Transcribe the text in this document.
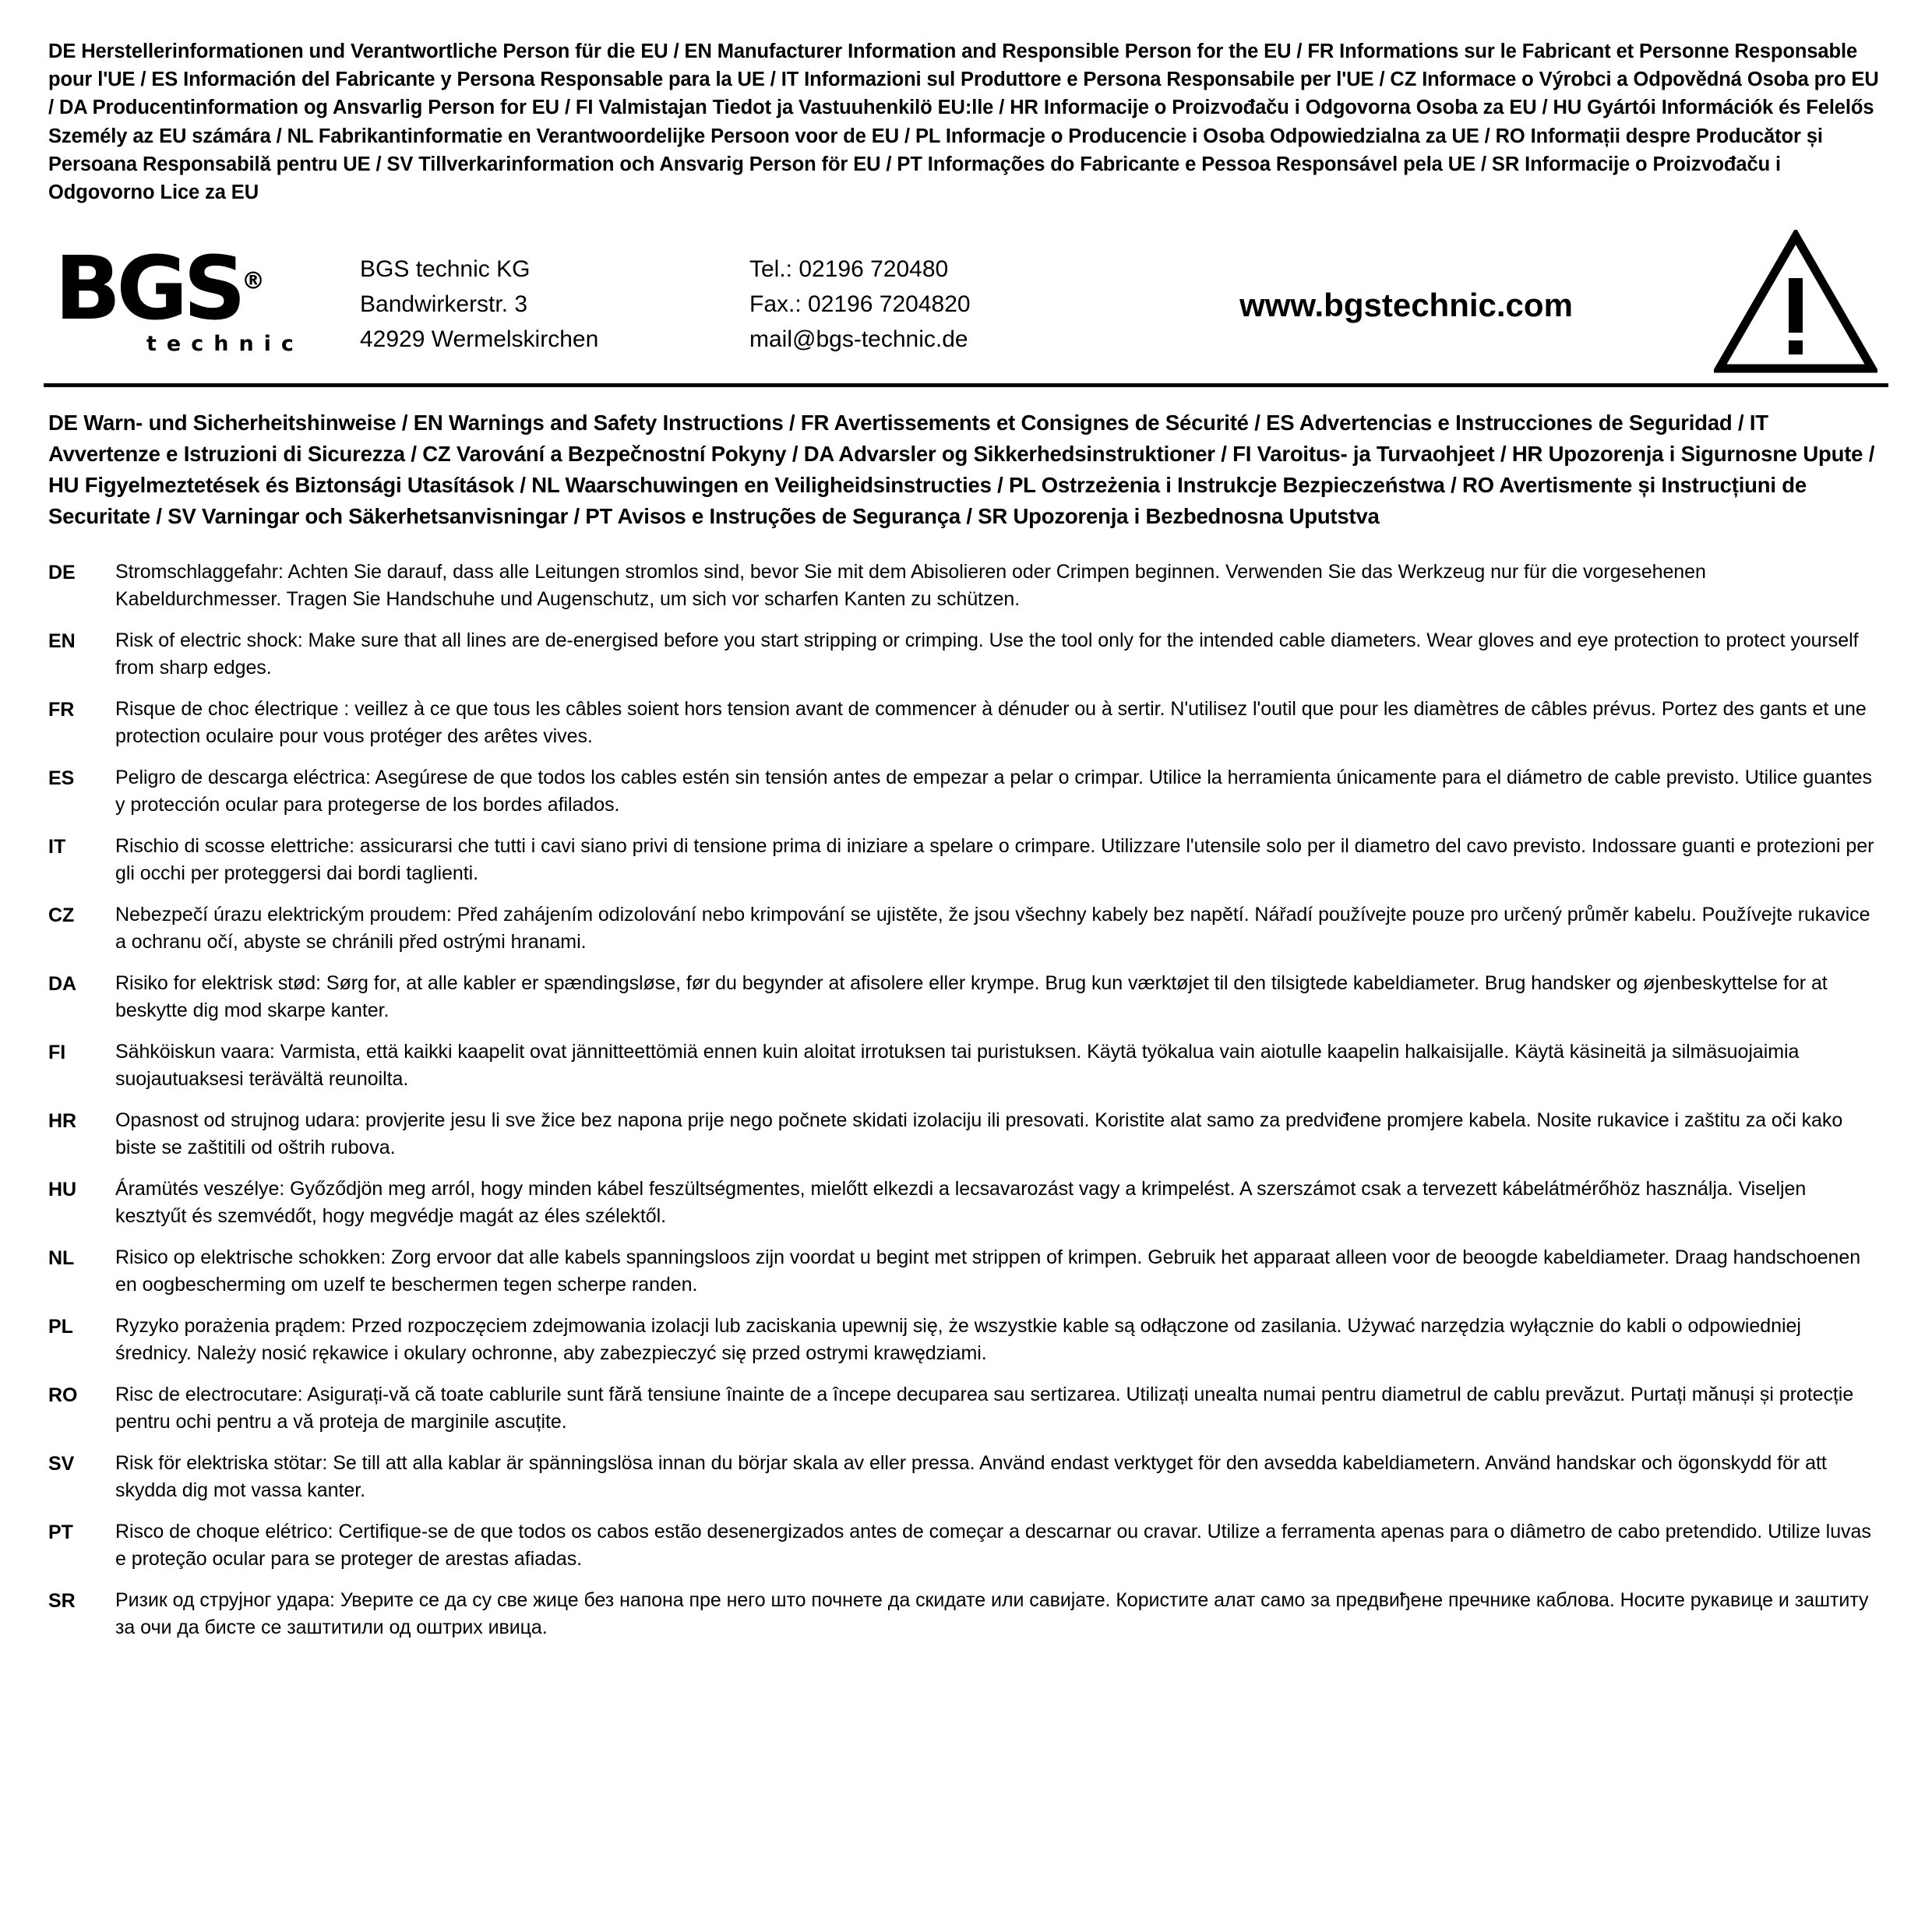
DE Herstellerinformationen und Verantwortliche Person für die EU / EN Manufacturer Information and Responsible Person for the EU / FR Informations sur le Fabricant et Personne Responsable pour l'UE / ES Información del Fabricante y Persona Responsable para la UE / IT Informazioni sul Produttore e Persona Responsabile per l'UE / CZ Informace o Výrobci a Odpovědná Osoba pro EU / DA Producentinformation og Ansvarlig Person for EU / FI Valmistajan Tiedot ja Vastuuhenkilö EU:lle / HR Informacije o Proizvođaču i Odgovorna Osoba za EU / HU Gyártói Információk és Felelős Személy az EU számára / NL Fabrikantinformatie en Verantwoordelijke Persoon voor de EU / PL Informacje o Producencie i Osoba Odpowiedzialna za UE / RO Informații despre Producător și Persoana Responsabilă pentru UE / SV Tillverkarinformation och Ansvarig Person för EU / PT Informações do Fabricante e Pessoa Responsável pela UE / SR Informacije o Proizvođaču i Odgovorno Lice za EU
BGS®
technic
BGS technic KG
Bandwirkerstr. 3
42929 Wermelskirchen
Tel.: 02196 720480
Fax.: 02196 7204820
mail@bgs-technic.de
www.bgstechnic.com
DE Warn- und Sicherheitshinweise / EN Warnings and Safety Instructions / FR Avertissements et Consignes de Sécurité / ES Advertencias e Instrucciones de Seguridad / IT Avvertenze e Istruzioni di Sicurezza / CZ Varování a Bezpečnostní Pokyny / DA Advarsler og Sikkerhedsinstruktioner / FI Varoitus- ja Turvaohjeet / HR Upozorenja i Sigurnosne Upute / HU Figyelmeztetések és Biztonsági Utasítások / NL Waarschuwingen en Veiligheidsinstructies / PL Ostrzeżenia i Instrukcje Bezpieczeństwa / RO Avertismente și Instrucțiuni de Securitate / SV Varningar och Säkerhetsanvisningar / PT Avisos e Instruções de Segurança / SR Upozorenja i Bezbednosna Uputstva
DE	Stromschlaggefahr: Achten Sie darauf, dass alle Leitungen stromlos sind, bevor Sie mit dem Abisolieren oder Crimpen beginnen. Verwenden Sie das Werkzeug nur für die vorgesehenen Kabeldurchmesser. Tragen Sie Handschuhe und Augenschutz, um sich vor scharfen Kanten zu schützen.
EN	Risk of electric shock: Make sure that all lines are de-energised before you start stripping or crimping. Use the tool only for the intended cable diameters. Wear gloves and eye protection to protect yourself from sharp edges.
FR	Risque de choc électrique : veillez à ce que tous les câbles soient hors tension avant de commencer à dénuder ou à sertir. N'utilisez l'outil que pour les diamètres de câbles prévus. Portez des gants et une protection oculaire pour vous protéger des arêtes vives.
ES	Peligro de descarga eléctrica: Asegúrese de que todos los cables estén sin tensión antes de empezar a pelar o crimpar. Utilice la herramienta únicamente para el diámetro de cable previsto. Utilice guantes y protección ocular para protegerse de los bordes afilados.
IT	Rischio di scosse elettriche: assicurarsi che tutti i cavi siano privi di tensione prima di iniziare a spelare o crimpare. Utilizzare l'utensile solo per il diametro del cavo previsto. Indossare guanti e protezioni per gli occhi per proteggersi dai bordi taglienti.
CZ	Nebezpečí úrazu elektrickým proudem: Před zahájením odizolování nebo krimpování se ujistěte, že jsou všechny kabely bez napětí. Nářadí používejte pouze pro určený průměr kabelu. Používejte rukavice a ochranu očí, abyste se chránili před ostrými hranami.
DA	Risiko for elektrisk stød: Sørg for, at alle kabler er spændingsløse, før du begynder at afisolere eller krympe. Brug kun værktøjet til den tilsigtede kabeldiameter. Brug handsker og øjenbeskyttelse for at beskytte dig mod skarpe kanter.
FI	Sähköiskun vaara: Varmista, että kaikki kaapelit ovat jännitteettömiä ennen kuin aloitat irrotuksen tai puristuksen. Käytä työkalua vain aiotulle kaapelin halkaisijalle. Käytä käsineitä ja silmäsuojaimia suojautuaksesi terävältä reunoilta.
HR	Opasnost od strujnog udara: provjerite jesu li sve žice bez napona prije nego počnete skidati izolaciju ili presovati. Koristite alat samo za predviđene promjere kabela. Nosite rukavice i zaštitu za oči kako biste se zaštitili od oštrih rubova.
HU	Áramütés veszélye: Győződjön meg arról, hogy minden kábel feszültségmentes, mielőtt elkezdi a lecsavarozást vagy a krimpelést. A szerszámot csak a tervezett kábelátmérőhöz használja. Viseljen kesztyűt és szemvédőt, hogy megvédje magát az éles szélektől.
NL	Risico op elektrische schokken: Zorg ervoor dat alle kabels spanningsloos zijn voordat u begint met strippen of krimpen. Gebruik het apparaat alleen voor de beoogde kabeldiameter. Draag handschoenen en oogbescherming om uzelf te beschermen tegen scherpe randen.
PL	Ryzyko porażenia prądem: Przed rozpoczęciem zdejmowania izolacji lub zaciskania upewnij się, że wszystkie kable są odłączone od zasilania. Używać narzędzia wyłącznie do kabli o odpowiedniej średnicy. Należy nosić rękawice i okulary ochronne, aby zabezpieczyć się przed ostrymi krawędziami.
RO	Risc de electrocutare: Asigurați-vă că toate cablurile sunt fără tensiune înainte de a începe decuparea sau sertizarea. Utilizați unealta numai pentru diametrul de cablu prevăzut. Purtați mănuși și protecție pentru ochi pentru a vă proteja de marginile ascuțite.
SV	Risk för elektriska stötar: Se till att alla kablar är spänningslösa innan du börjar skala av eller pressa. Använd endast verktyget för den avsedda kabeldiametern. Använd handskar och ögonskydd för att skydda dig mot vassa kanter.
PT	Risco de choque elétrico: Certifique-se de que todos os cabos estão desenergizados antes de começar a descarnar ou cravar. Utilize a ferramenta apenas para o diâmetro de cabo pretendido. Utilize luvas e proteção ocular para se proteger de arestas afiadas.
SR	Ризик од струјног удара: Уверите се да су све жице без напона пре него што почнете да скидате или савијате. Користите алат само за предвиђене пречнике каблова. Носите рукавице и заштиту за очи да бисте се заштитили од оштрих ивица.
